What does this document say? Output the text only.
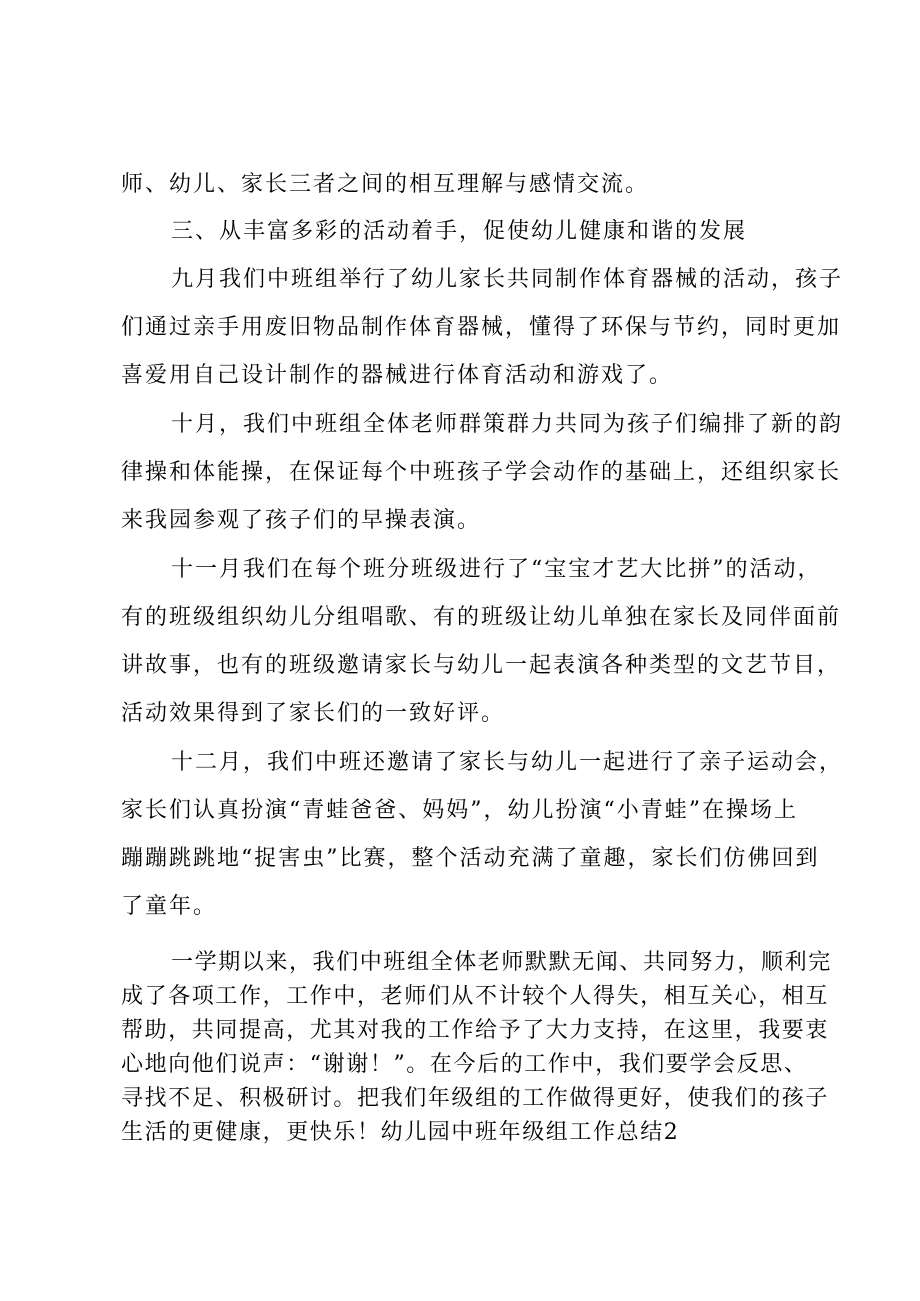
师、幼儿、家长三者之间的相互理解与感情交流。
三、从丰富多彩的活动着手，促使幼儿健康和谐的发展
九月我们中班组举行了幼儿家长共同制作体育器械的活动，孩子
们通过亲手用废旧物品制作体育器械，懂得了环保与节约，同时更加
喜爱用自己设计制作的器械进行体育活动和游戏了。
十月，我们中班组全体老师群策群力共同为孩子们编排了新的韵
律操和体能操，在保证每个中班孩子学会动作的基础上，还组织家长
来我园参观了孩子们的早操表演。
十一月我们在每个班分班级进行了“宝宝才艺大比拼”的活动，
有的班级组织幼儿分组唱歌、有的班级让幼儿单独在家长及同伴面前
讲故事，也有的班级邀请家长与幼儿一起表演各种类型的文艺节目，
活动效果得到了家长们的一致好评。
十二月，我们中班还邀请了家长与幼儿一起进行了亲子运动会，
家长们认真扮演“青蛙爸爸、妈妈”，幼儿扮演“小青蛙”在操场上
蹦蹦跳跳地“捉害虫”比赛，整个活动充满了童趣，家长们仿佛回到
了童年。
一学期以来，我们中班组全体老师默默无闻、共同努力，顺利完
成了各项工作，工作中，老师们从不计较个人得失，相互关心，相互
帮助，共同提高，尤其对我的工作给予了大力支持，在这里，我要衷
心地向他们说声：“谢谢！”。在今后的工作中，我们要学会反思、
寻找不足、积极研讨。把我们年级组的工作做得更好，使我们的孩子
生活的更健康，更快乐！幼儿园中班年级组工作总结2
